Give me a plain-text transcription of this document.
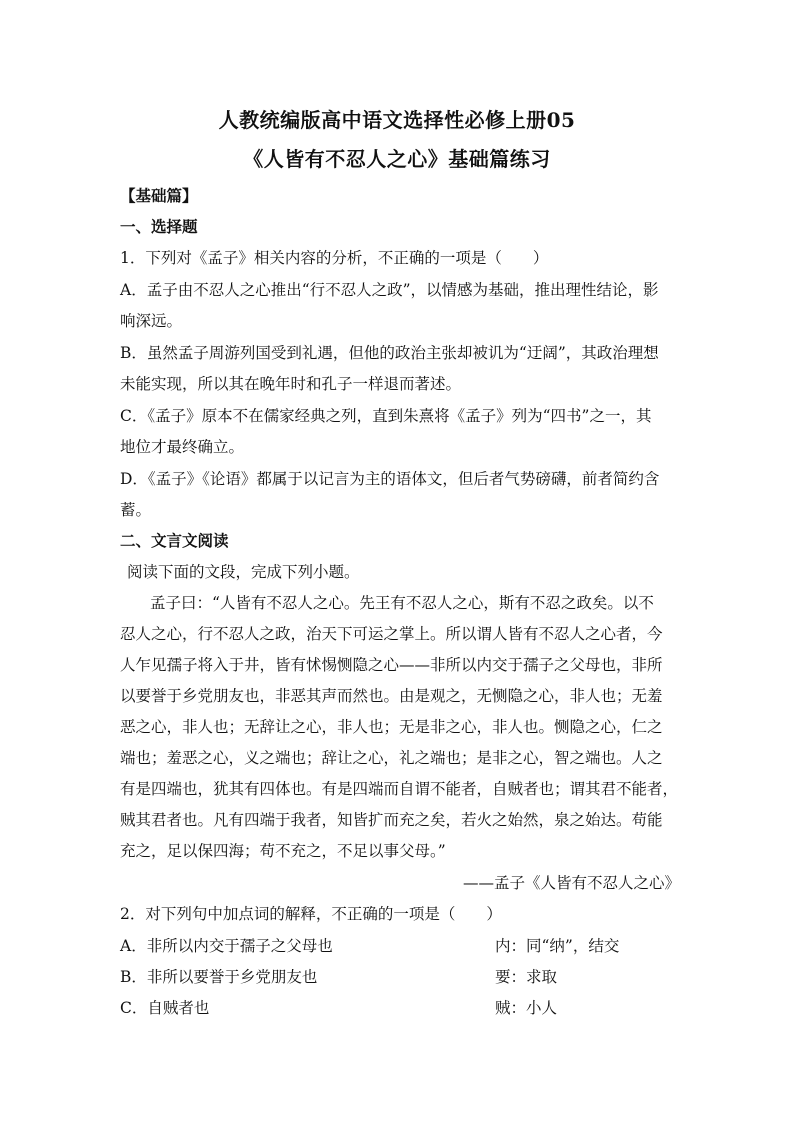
人教统编版高中语文选择性必修上册05
《人皆有不忍人之心》基础篇练习
【基础篇】
一、选择题
1．下列对《孟子》相关内容的分析，不正确的一项是（　　）
A．孟子由不忍人之心推出“行不忍人之政”，以情感为基础，推出理性结论，影
响深远。
B．虽然孟子周游列国受到礼遇，但他的政治主张却被讥为“迂阔”，其政治理想
未能实现，所以其在晚年时和孔子一样退而著述。
C．《孟子》原本不在儒家经典之列，直到朱熹将《孟子》列为“四书”之一，其
地位才最终确立。
D．《孟子》《论语》都属于以记言为主的语体文，但后者气势磅礴，前者简约含
蓄。
二、文言文阅读
阅读下面的文段，完成下列小题。
孟子曰：“人皆有不忍人之心。先王有不忍人之心，斯有不忍之政矣。以不
忍人之心，行不忍人之政，治天下可运之掌上。所以谓人皆有不忍人之心者，今
人乍见孺子将入于井，皆有怵惕恻隐之心——非所以内交于孺子之父母也，非所
以要誉于乡党朋友也，非恶其声而然也。由是观之，无恻隐之心，非人也；无羞
恶之心，非人也；无辞让之心，非人也；无是非之心，非人也。恻隐之心，仁之
端也；羞恶之心，义之端也；辞让之心，礼之端也；是非之心，智之端也。人之
有是四端也，犹其有四体也。有是四端而自谓不能者，自贼者也；谓其君不能者，
贼其君者也。凡有四端于我者，知皆扩而充之矣，若火之始然，泉之始达。苟能
充之，足以保四海；苟不充之，不足以事父母。”
——孟子《人皆有不忍人之心》
2．对下列句中加点词的解释，不正确的一项是（　　）
A．非所以内交于孺子之父母也	内：同“纳”，结交
B．非所以要誉于乡党朋友也	要：求取
C．自贼者也	贼：小人
